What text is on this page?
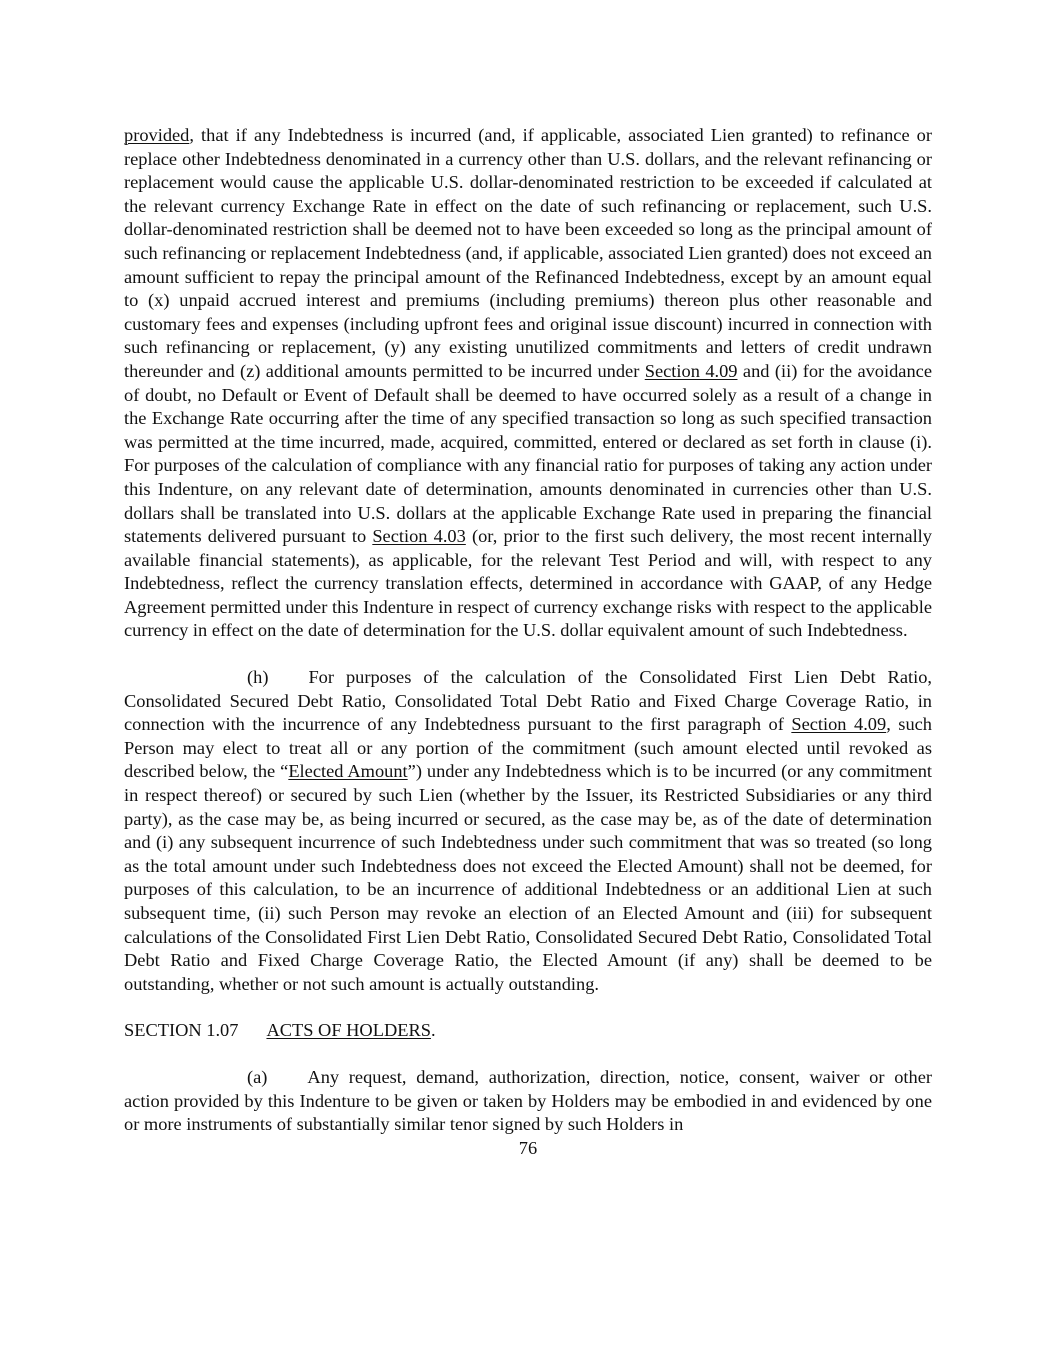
provided, that if any Indebtedness is incurred (and, if applicable, associated Lien granted) to refinance or replace other Indebtedness denominated in a currency other than U.S. dollars, and the relevant refinancing or replacement would cause the applicable U.S. dollar-denominated restriction to be exceeded if calculated at the relevant currency Exchange Rate in effect on the date of such refinancing or replacement, such U.S. dollar-denominated restriction shall be deemed not to have been exceeded so long as the principal amount of such refinancing or replacement Indebtedness (and, if applicable, associated Lien granted) does not exceed an amount sufficient to repay the principal amount of the Refinanced Indebtedness, except by an amount equal to (x) unpaid accrued interest and premiums (including premiums) thereon plus other reasonable and customary fees and expenses (including upfront fees and original issue discount) incurred in connection with such refinancing or replacement, (y) any existing unutilized commitments and letters of credit undrawn thereunder and (z) additional amounts permitted to be incurred under Section 4.09 and (ii) for the avoidance of doubt, no Default or Event of Default shall be deemed to have occurred solely as a result of a change in the Exchange Rate occurring after the time of any specified transaction so long as such specified transaction was permitted at the time incurred, made, acquired, committed, entered or declared as set forth in clause (i). For purposes of the calculation of compliance with any financial ratio for purposes of taking any action under this Indenture, on any relevant date of determination, amounts denominated in currencies other than U.S. dollars shall be translated into U.S. dollars at the applicable Exchange Rate used in preparing the financial statements delivered pursuant to Section 4.03 (or, prior to the first such delivery, the most recent internally available financial statements), as applicable, for the relevant Test Period and will, with respect to any Indebtedness, reflect the currency translation effects, determined in accordance with GAAP, of any Hedge Agreement permitted under this Indenture in respect of currency exchange risks with respect to the applicable currency in effect on the date of determination for the U.S. dollar equivalent amount of such Indebtedness.

(h) For purposes of the calculation of the Consolidated First Lien Debt Ratio, Consolidated Secured Debt Ratio, Consolidated Total Debt Ratio and Fixed Charge Coverage Ratio, in connection with the incurrence of any Indebtedness pursuant to the first paragraph of Section 4.09, such Person may elect to treat all or any portion of the commitment (such amount elected until revoked as described below, the “Elected Amount”) under any Indebtedness which is to be incurred (or any commitment in respect thereof) or secured by such Lien (whether by the Issuer, its Restricted Subsidiaries or any third party), as the case may be, as being incurred or secured, as the case may be, as of the date of determination and (i) any subsequent incurrence of such Indebtedness under such commitment that was so treated (so long as the total amount under such Indebtedness does not exceed the Elected Amount) shall not be deemed, for purposes of this calculation, to be an incurrence of additional Indebtedness or an additional Lien at such subsequent time, (ii) such Person may revoke an election of an Elected Amount and (iii) for subsequent calculations of the Consolidated First Lien Debt Ratio, Consolidated Secured Debt Ratio, Consolidated Total Debt Ratio and Fixed Charge Coverage Ratio, the Elected Amount (if any) shall be deemed to be outstanding, whether or not such amount is actually outstanding.

SECTION 1.07 ACTS OF HOLDERS.

(a) Any request, demand, authorization, direction, notice, consent, waiver or other action provided by this Indenture to be given or taken by Holders may be embodied in and evidenced by one or more instruments of substantially similar tenor signed by such Holders in

76
